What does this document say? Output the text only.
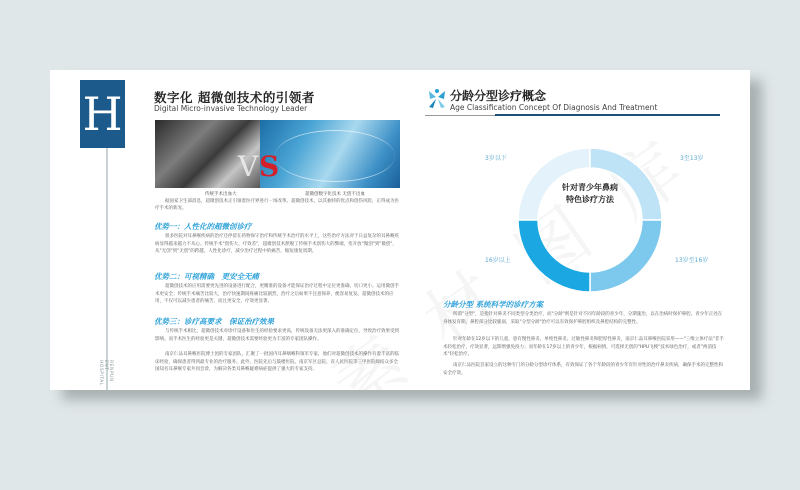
H
RENPUN ENT HOSPITAL
数字化 超微创技术的引领者
Digital Micro-invasive Technology Leader
V S
传统手术出血大	超微创数字化技术 无创不出血
据国家卫生部消息，超微创技术正引领着医疗界进行一场改革。超微创技术，以其独特的优点和创伤风险，正得成为医疗手术的新宠。
优势一：人性化的超微创诊疗
很多医院对耳鼻喉疾病的治疗还停留在药物保守治疗和传统手术治疗的水平上，这些治疗方法对于日益复杂的耳鼻喉疾病显得越来越力不从心。传统手术"创伤大、疗效差"，超微创技术摆脱了传统手术创伤大的弊端，变开放"微创"到"微创"，从"无创"到"无创"的跨越，人性化诊疗，减少治疗过程中的痛苦，缩短康复周期。
优势二：可视精确　更安全无痛
超微创技术的应用需要更先进的设备进行配合，更精准的设备才能保证治疗过程中定位更准确、切口更小。运用微创手术更安全；传统手术痛苦比较大，治疗快速期间疼痛比较剧烈，治疗之后如果不注意保养，便容易复发。超微创技术的应用，不仅可以减少患者的痛苦，而且更安全，疗效更显著。
优势三：诊疗高要求　保证治疗效果
与传统手术相比，超微创技术对诊疗设备和医生的经验要求更高，传统设备无法更深入的准确定位，导致治疗效果受到影响。而手术医生的经验更是关键，超微创技术需要经验更为丰富的专家团队操作。
南京仁品耳鼻喉医院博士团的专家团队，汇聚了一批国内耳鼻咽喉科领军专家，他们对超微创技术的操作有着丰富的临床经验，确保患者得到最专业的治疗服务。此外，医院先后与鼓楼医院、南京军区总院、省人民医院等三甲医院缔结众多全国知名耳鼻喉专家共同会诊，为解决各类耳鼻喉疑难病症提供了强大的专家支持。
分龄分型诊疗概念
Age Classification Concept Of Diagnosis And Treatment
针对青少年鼻病
特色诊疗方法
3岁以下	3至13岁
13岁至16岁
16岁以上
分龄分型 系统科学的诊疗方案
所谓"分型"，是指针对鼻炎不同类型分类治疗，而"分龄"则是针对不同年龄段的青少年，分期施治，以在治病时保护鼻腔。青少年正处在身体发育期，鼻腔部分比较脆弱，采取"分型分龄"治疗可以有效保护鼻腔组织及鼻腔结构的完整性。
针对年龄在12岁以下的儿童，患有慢性鼻炎、单纯性鼻炎、过敏性鼻炎和肥厚性鼻炎，南京仁品耳鼻喉医院采用——"三维立体疗法"非手术轻松治疗，疗效显著，远期增强免疫力；而年龄在17岁以上的青少年，根据病情，可选择无创的"HPU飞梭"技术绿色治疗，或者"两消技术"轻松治疗。
南京仁品医院首家设立的这种专门的分龄分型诊疗体系，有效保证了各个年龄段的青少年有针对性的治疗鼻炎疾病，确保手术的完整性和安全疗效。
